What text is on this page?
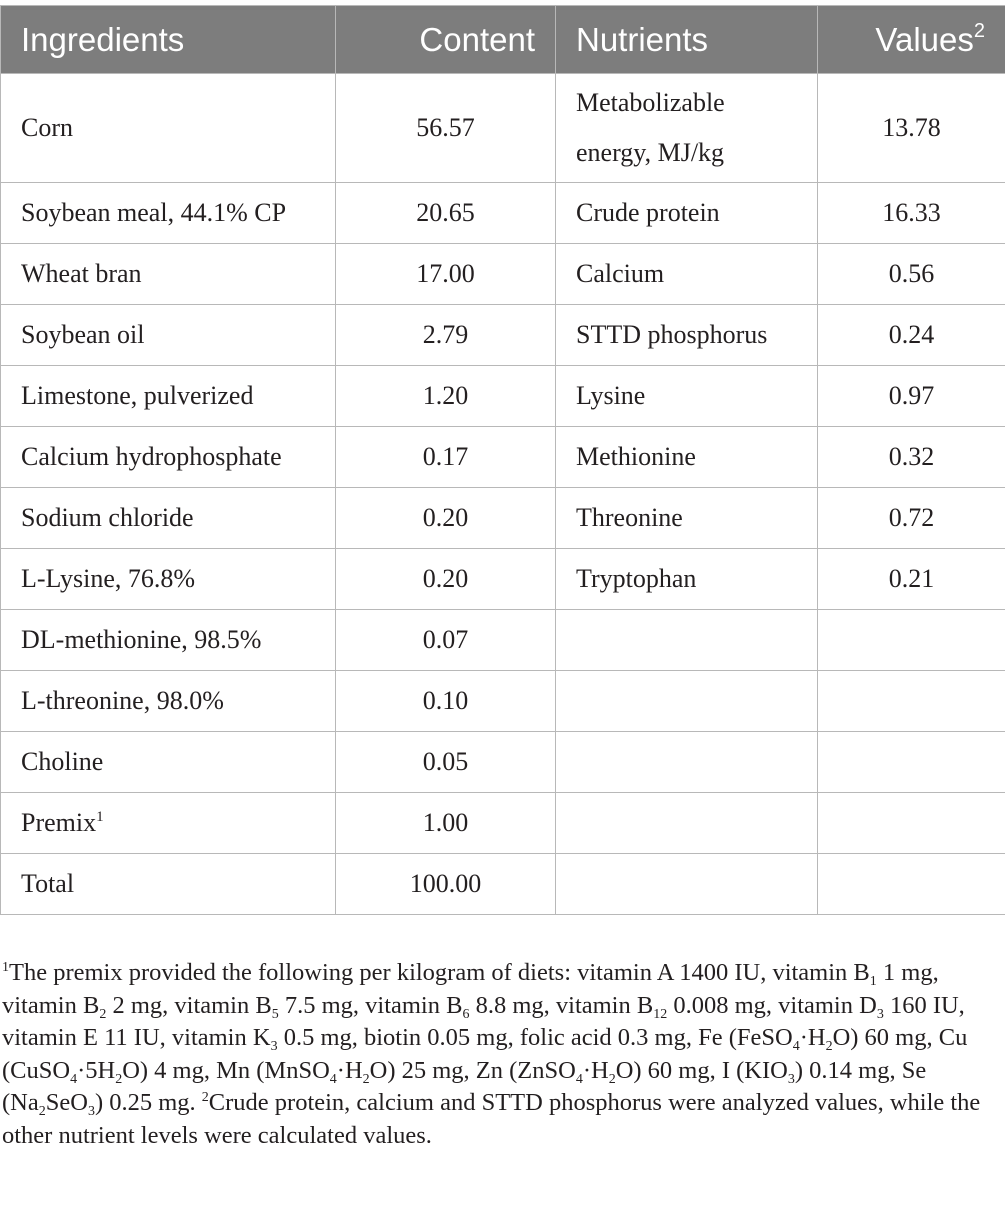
Ingredients	Content	Nutrients	Values$^2$
Corn	56.57	Metabolizable energy, MJ/kg	13.78
Soybean meal, 44.1% CP	20.65	Crude protein	16.33
Wheat bran	17.00	Calcium	0.56
Soybean oil	2.79	STTD phosphorus	0.24
Limestone, pulverized	1.20	Lysine	0.97
Calcium hydrophosphate	0.17	Methionine	0.32
Sodium chloride	0.20	Threonine	0.72
L-Lysine, 76.8%	0.20	Tryptophan	0.21
DL-methionine, 98.5%	0.07		
L-threonine, 98.0%	0.10		
Choline	0.05		
Premix$^1$	1.00		
Total	100.00		
$^1$The premix provided the following per kilogram of diets: vitamin A 1400 IU, vitamin $B_1$ 1 mg, vitamin $B_2$ 2 mg, vitamin $B_5$ 7.5 mg, vitamin $B_6$ 8.8 mg, vitamin $B_{12}$ 0.008 mg, vitamin $D_3$ 160 IU, vitamin E 11 IU, vitamin $K_3$ 0.5 mg, biotin 0.05 mg, folic acid 0.3 mg, Fe $(FeSO_4\cdot H_2O)$ 60 mg, Cu $(CuSO_4\cdot 5H_2O)$ 4 mg, Mn $(MnSO_4\cdot H_2O)$ 25 mg, Zn $(ZnSO_4\cdot H_2O)$ 60 mg, I $(KIO_3)$ 0.14 mg, Se $(Na_2SeO_3)$ 0.25 mg. $^2$Crude protein, calcium and STTD phosphorus were analyzed values, while the other nutrient levels were calculated values.
